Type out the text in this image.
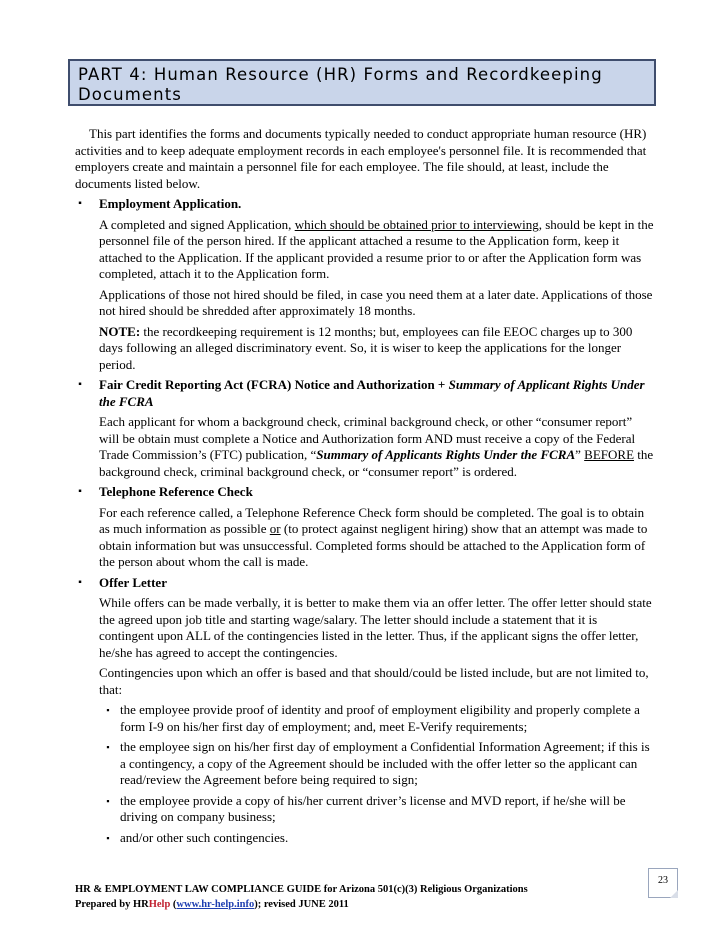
PART 4: Human Resource (HR) Forms and Recordkeeping
Documents

This part identifies the forms and documents typically needed to conduct appropriate human resource (HR) activities and to keep adequate employment records in each employee's personnel file. It is recommended that employers create and maintain a personnel file for each employee. The file should, at least, include the documents listed below.

▪ Employment Application.

A completed and signed Application, which should be obtained prior to interviewing, should be kept in the personnel file of the person hired. If the applicant attached a resume to the Application form, keep it attached to the Application. If the applicant provided a resume prior to or after the Application form was completed, attach it to the Application form.

Applications of those not hired should be filed, in case you need them at a later date. Applications of those not hired should be shredded after approximately 18 months.

NOTE: the recordkeeping requirement is 12 months; but, employees can file EEOC charges up to 300 days following an alleged discriminatory event. So, it is wiser to keep the applications for the longer period.

▪ Fair Credit Reporting Act (FCRA) Notice and Authorization + Summary of Applicant Rights Under the FCRA

Each applicant for whom a background check, criminal background check, or other “consumer report” will be obtain must complete a Notice and Authorization form AND must receive a copy of the Federal Trade Commission’s (FTC) publication, “Summary of Applicants Rights Under the FCRA” BEFORE the background check, criminal background check, or “consumer report” is ordered.

▪ Telephone Reference Check

For each reference called, a Telephone Reference Check form should be completed. The goal is to obtain as much information as possible or (to protect against negligent hiring) show that an attempt was made to obtain information but was unsuccessful. Completed forms should be attached to the Application form of the person about whom the call is made.

▪ Offer Letter

While offers can be made verbally, it is better to make them via an offer letter. The offer letter should state the agreed upon job title and starting wage/salary. The letter should include a statement that it is contingent upon ALL of the contingencies listed in the letter. Thus, if the applicant signs the offer letter, he/she has agreed to accept the contingencies.

Contingencies upon which an offer is based and that should/could be listed include, but are not limited to, that:

▪ the employee provide proof of identity and proof of employment eligibility and properly complete a form I-9 on his/her first day of employment; and, meet E-Verify requirements;
▪ the employee sign on his/her first day of employment a Confidential Information Agreement; if this is a contingency, a copy of the Agreement should be included with the offer letter so the applicant can read/review the Agreement before being required to sign;
▪ the employee provide a copy of his/her current driver’s license and MVD report, if he/she will be driving on company business;
▪ and/or other such contingencies.
23
HR & EMPLOYMENT LAW COMPLIANCE GUIDE for Arizona 501(c)(3) Religious Organizations
Prepared by HRHelp (www.hr-help.info); revised JUNE 2011
